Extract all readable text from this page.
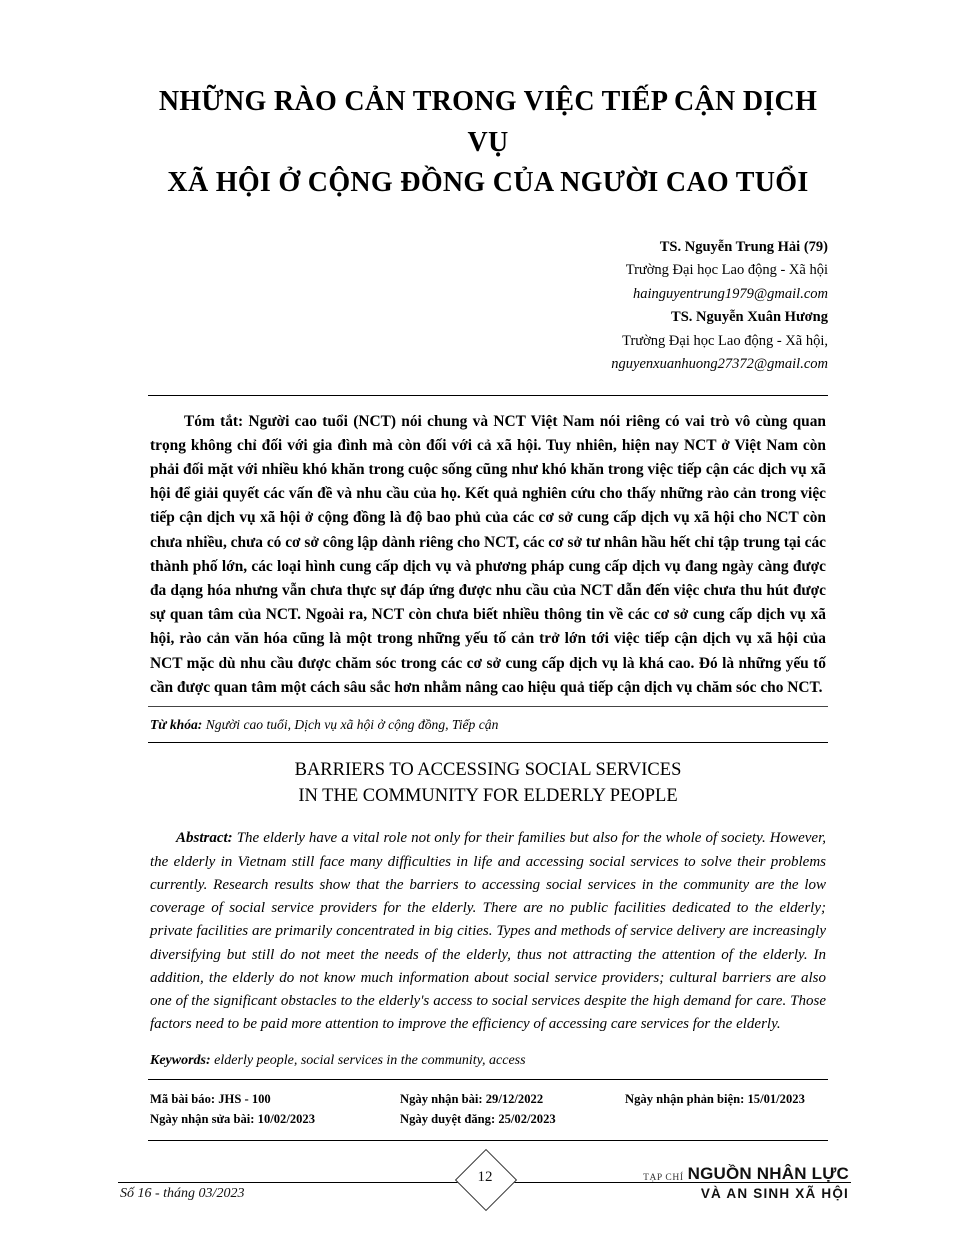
NHỮNG RÀO CẢN TRONG VIỆC TIẾP CẬN DỊCH VỤ
XÃ HỘI Ở CỘNG ĐỒNG CỦA NGƯỜI CAO TUỔI
TS. Nguyễn Trung Hải (79)
Trường Đại học Lao động - Xã hội
hainguyentrung1979@gmail.com
TS. Nguyễn Xuân Hương
Trường Đại học Lao động - Xã hội,
nguyenxuanhuong27372@gmail.com
Tóm tắt: Người cao tuổi (NCT) nói chung và NCT Việt Nam nói riêng có vai trò vô cùng quan trọng không chỉ đối với gia đình mà còn đối với cả xã hội. Tuy nhiên, hiện nay NCT ở Việt Nam còn phải đối mặt với nhiều khó khăn trong cuộc sống cũng như khó khăn trong việc tiếp cận các dịch vụ xã hội để giải quyết các vấn đề và nhu cầu của họ. Kết quả nghiên cứu cho thấy những rào cản trong việc tiếp cận dịch vụ xã hội ở cộng đồng là độ bao phủ của các cơ sở cung cấp dịch vụ xã hội cho NCT còn chưa nhiều, chưa có cơ sở công lập dành riêng cho NCT, các cơ sở tư nhân hầu hết chỉ tập trung tại các thành phố lớn, các loại hình cung cấp dịch vụ và phương pháp cung cấp dịch vụ đang ngày càng được đa dạng hóa nhưng vẫn chưa thực sự đáp ứng được nhu cầu của NCT dẫn đến việc chưa thu hút được sự quan tâm của NCT. Ngoài ra, NCT còn chưa biết nhiều thông tin về các cơ sở cung cấp dịch vụ xã hội, rào cản văn hóa cũng là một trong những yếu tố cản trở lớn tới việc tiếp cận dịch vụ xã hội của NCT mặc dù nhu cầu được chăm sóc trong các cơ sở cung cấp dịch vụ là khá cao. Đó là những yếu tố cần được quan tâm một cách sâu sắc hơn nhằm nâng cao hiệu quả tiếp cận dịch vụ chăm sóc cho NCT.
Từ khóa: Người cao tuổi, Dịch vụ xã hội ở cộng đồng, Tiếp cận
BARRIERS TO ACCESSING SOCIAL SERVICES
IN THE COMMUNITY FOR ELDERLY PEOPLE
Abstract: The elderly have a vital role not only for their families but also for the whole of society. However, the elderly in Vietnam still face many difficulties in life and accessing social services to solve their problems currently. Research results show that the barriers to accessing social services in the community are the low coverage of social service providers for the elderly. There are no public facilities dedicated to the elderly; private facilities are primarily concentrated in big cities. Types and methods of service delivery are increasingly diversifying but still do not meet the needs of the elderly, thus not attracting the attention of the elderly. In addition, the elderly do not know much information about social service providers; cultural barriers are also one of the significant obstacles to the elderly's access to social services despite the high demand for care. Those factors need to be paid more attention to improve the efficiency of accessing care services for the elderly.
Keywords: elderly people, social services in the community, access
Mã bài báo: JHS - 100	Ngày nhận bài: 29/12/2022	Ngày nhận phản biện: 15/01/2023
Ngày nhận sửa bài: 10/02/2023	Ngày duyệt đăng: 25/02/2023
Số 16 - tháng 03/2023
12	TẠP CHÍ NGUỒN NHÂN LỰC
VÀ AN SINH XÃ HỘI
